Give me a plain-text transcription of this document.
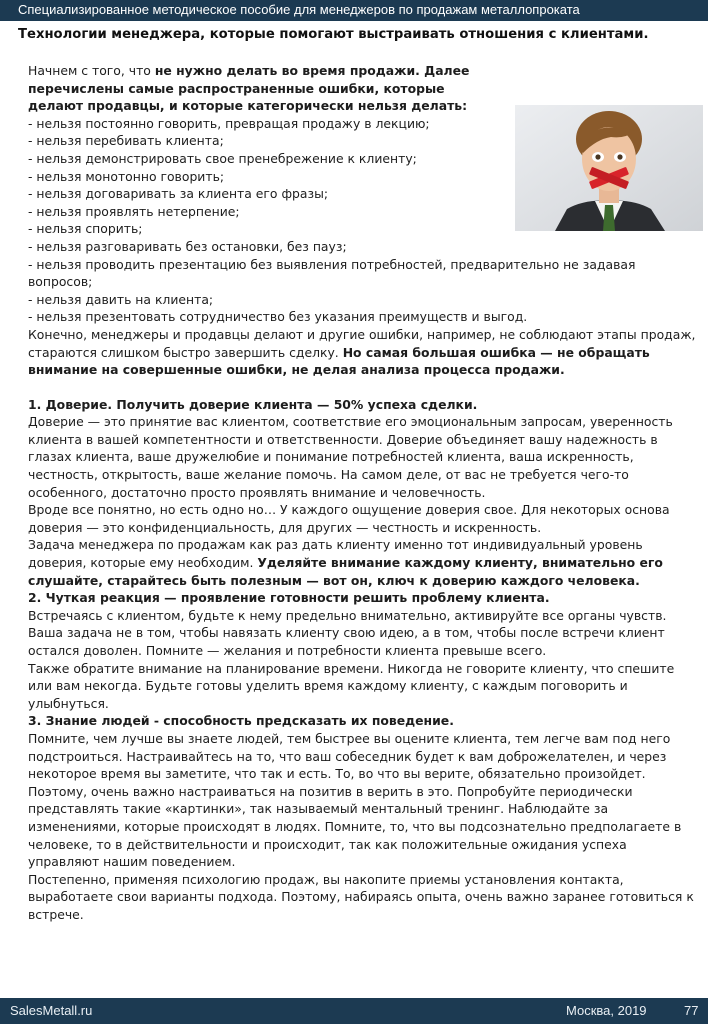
Специализированное методическое пособие для менеджеров по продажам металлопроката
Технологии менеджера, которые помогают выстраивать отношения с клиентами.

Начнем с того, что не нужно делать во время продажи. Далее перечислены самые распространенные ошибки, которые делают продавцы, и которые категорически нельзя делать:

- нельзя постоянно говорить, превращая продажу в лекцию;
- нельзя перебивать клиента;
- нельзя демонстрировать свое пренебрежение к клиенту;
- нельзя монотонно говорить;
- нельзя договаривать за клиента его фразы;
- нельзя проявлять нетерпение;
- нельзя спорить;
- нельзя разговаривать без остановки, без пауз;
- нельзя проводить презентацию без выявления потребностей, предварительно не задавая вопросов;
- нельзя давить на клиента;
- нельзя презентовать сотрудничество без указания преимуществ и выгод.

Конечно, менеджеры и продавцы делают и другие ошибки, например, не соблюдают этапы продаж, стараются слишком быстро завершить сделку. Но самая большая ошибка — не обращать внимание на совершенные ошибки, не делая анализа процесса продажи.

1. Доверие. Получить доверие клиента — 50% успеха сделки.

Доверие — это принятие вас клиентом, соответствие его эмоциональным запросам, уверенность клиента в вашей компетентности и ответственности. Доверие объединяет вашу надежность в глазах клиента, ваше дружелюбие и понимание потребностей клиента, ваша искренность, честность, открытость, ваше желание помочь. На самом деле, от вас не требуется чего-то особенного, достаточно просто проявлять внимание и человечность.

Вроде все понятно, но есть одно но… У каждого ощущение доверия свое. Для некоторых основа доверия — это конфиденциальность, для других — честность и искренность.

Задача менеджера по продажам как раз дать клиенту именно тот индивидуальный уровень доверия, которые ему необходим. Уделяйте внимание каждому клиенту, внимательно его слушайте, старайтесь быть полезным — вот он, ключ к доверию каждого человека.

2. Чуткая реакция — проявление готовности решить проблему клиента.

Встречаясь с клиентом, будьте к нему предельно внимательно, активируйте все органы чувств. Ваша задача не в том, чтобы навязать клиенту свою идею, а в том, чтобы после встречи клиент остался доволен. Помните — желания и потребности клиента превыше всего.

Также обратите внимание на планирование времени. Никогда не говорите клиенту, что спешите или вам некогда. Будьте готовы уделить время каждому клиенту, с каждым поговорить и улыбнуться.

3. Знание людей - способность предсказать их поведение.

Помните, чем лучше вы знаете людей, тем быстрее вы оцените клиента, тем легче вам под него подстроиться. Настраивайтесь на то, что ваш собеседник будет к вам доброжелателен, и через некоторое время вы заметите, что так и есть. То, во что вы верите, обязательно произойдет. Поэтому, очень важно настраиваться на позитив в верить в это. Попробуйте периодически представлять такие «картинки», так называемый ментальный тренинг. Наблюдайте за изменениями, которые происходят в людях. Помните, то, что вы подсознательно предполагаете в человеке, то в действительности и происходит, так как положительные ожидания успеха управляют нашим поведением.

Постепенно, применяя психологию продаж, вы накопите приемы установления контакта, выработаете свои варианты подхода. Поэтому, набираясь опыта, очень важно заранее готовиться к встрече.

SalesMetall.ru	Москва, 2019	77
